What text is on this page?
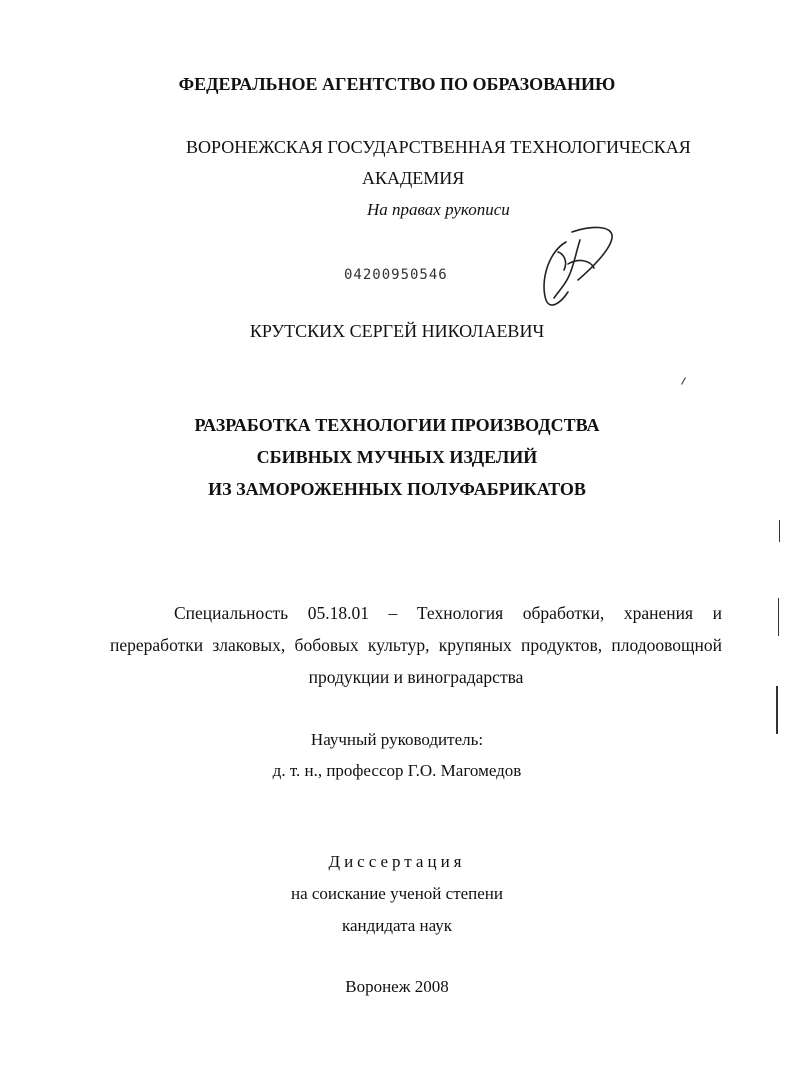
ФЕДЕРАЛЬНОЕ АГЕНТСТВО ПО ОБРАЗОВАНИЮ
ВОРОНЕЖСКАЯ ГОСУДАРСТВЕННАЯ ТЕХНОЛОГИЧЕСКАЯ
АКАДЕМИЯ
На правах рукописи
04200950546
КРУТСКИХ СЕРГЕЙ НИКОЛАЕВИЧ
РАЗРАБОТКА ТЕХНОЛОГИИ ПРОИЗВОДСТВА
СБИВНЫХ МУЧНЫХ ИЗДЕЛИЙ
ИЗ ЗАМОРОЖЕННЫХ ПОЛУФАБРИКАТОВ
Специальность 05.18.01 – Технология обработки, хранения и переработки злаковых, бобовых культур, крупяных продуктов, плодоовощной продукции и виноградарства
Научный руководитель:
д. т. н., профессор Г.О. Магомедов
Диссертация
на соискание ученой степени
кандидата наук
Воронеж 2008
